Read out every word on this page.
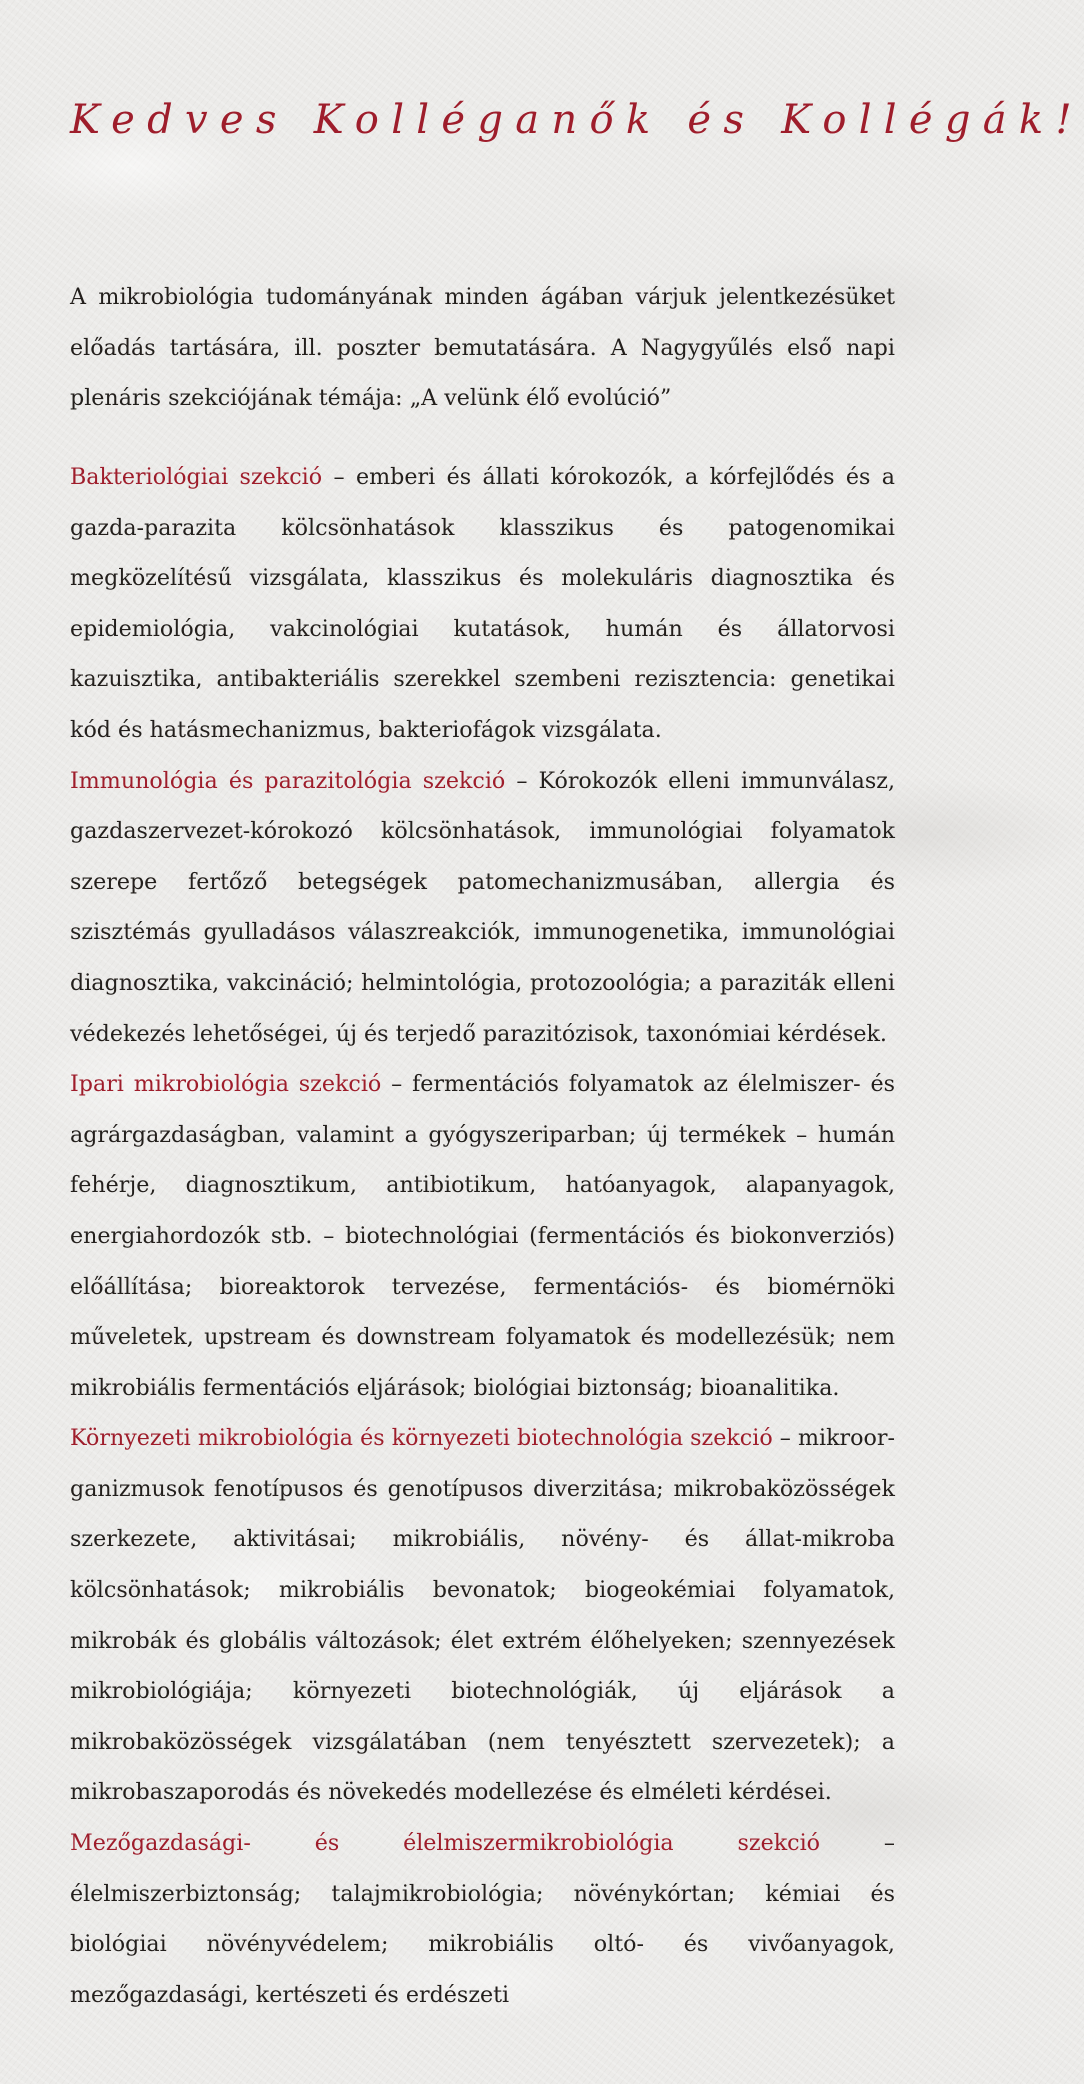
Kedves Kolléganők és Kollégák!

A mikrobiológia tudományának minden ágában várjuk jelentkezésüket előadás tartására, ill. poszter bemutatására. A Nagygyűlés első napi plenáris szekciójának témája: „A velünk élő evolúció”

Bakteriológiai szekció – emberi és állati kórokozók, a kórfejlődés és a gazda-parazita kölcsönhatások klasszikus és patogenomikai megközelítésű vizsgálata, klasszikus és molekuláris diagnosztika és epidemiológia, vakcinológiai kutatások, humán és állatorvosi kazuisztika, antibakteriális szerekkel szembeni rezisztencia: genetikai kód és hatásmechanizmus, bakteriofágok vizsgálata.

Immunológia és parazitológia szekció – Kórokozók elleni immunválasz, gazdaszervezet-kórokozó kölcsönhatások, immunológiai folyamatok szerepe fertőző betegségek patomechanizmusában, allergia és szisztémás gyulladásos válaszreakciók, immunogenetika, immunológiai diagnosztika, vakcináció; helmintológia, protozoológia; a paraziták elleni védekezés lehetőségei, új és terjedő parazitózisok, taxonómiai kérdések.

Ipari mikrobiológia szekció – fermentációs folyamatok az élelmiszer- és agrárgazdaságban, valamint a gyógyszeriparban; új termékek – humán fehérje, diagnosztikum, antibiotikum, hatóanyagok, alapanyagok, energiahordozók stb. – biotechnológiai (fermentációs és biokonverziós) előállítása; bioreaktorok tervezése, fermentációs- és biomérnöki műveletek, upstream és downstream folyamatok és modellezésük; nem mikrobiális fermentációs eljárások; biológiai biztonság; bioanalitika.

Környezeti mikrobiológia és környezeti biotechnológia szekció – mikroorganizmusok fenotípusos és genotípusos diverzitása; mikrobaközösségek szerkezete, aktivitásai; mikrobiális, növény- és állat-mikroba kölcsönhatások; mikrobiális bevonatok; biogeokémiai folyamatok, mikrobák és globális változások; élet extrém élőhelyeken; szennyezések mikrobiológiája; környezeti biotechnológiák, új eljárások a mikrobaközösségek vizsgálatában (nem tenyésztett szervezetek); a mikrobaszaporodás és növekedés modellezése és elméleti kérdései.

Mezőgazdasági- és élelmiszermikrobiológia szekció – élelmiszerbiztonság; talajmikrobiológia; növénykórtan; kémiai és biológiai növényvédelem; mikrobiális oltó- és vivőanyagok, mezőgazdasági, kertészeti és erdészeti
